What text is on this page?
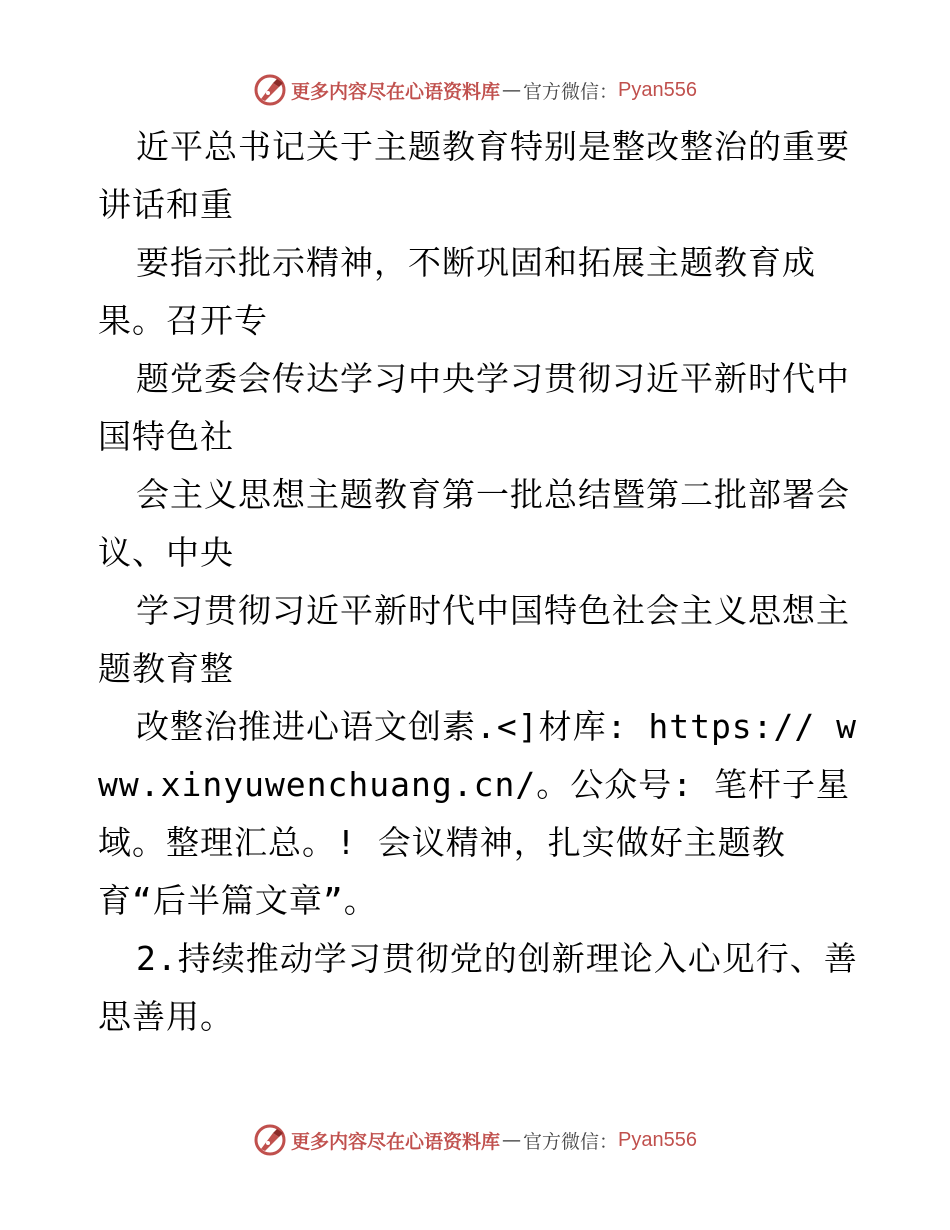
更多内容尽在心语资料库 — 官方微信： Pyan556

近平总书记关于主题教育特别是整改整治的重要讲话和重

要指示批示精神，不断巩固和拓展主题教育成果。召开专

题党委会传达学习中央学习贯彻习近平新时代中国特色社

会主义思想主题教育第一批总结暨第二批部署会议、中央

学习贯彻习近平新时代中国特色社会主义思想主题教育整

改整治推进心语文创素.<]材库: https:// www.xinyuwenchuang.cn/。公众号: 笔杆子星域。整理汇总。! 会议精神，扎实做好主题教育“后半篇文章”。

2.持续推动学习贯彻党的创新理论入心见行、善思善用。

更多内容尽在心语资料库 — 官方微信： Pyan556
